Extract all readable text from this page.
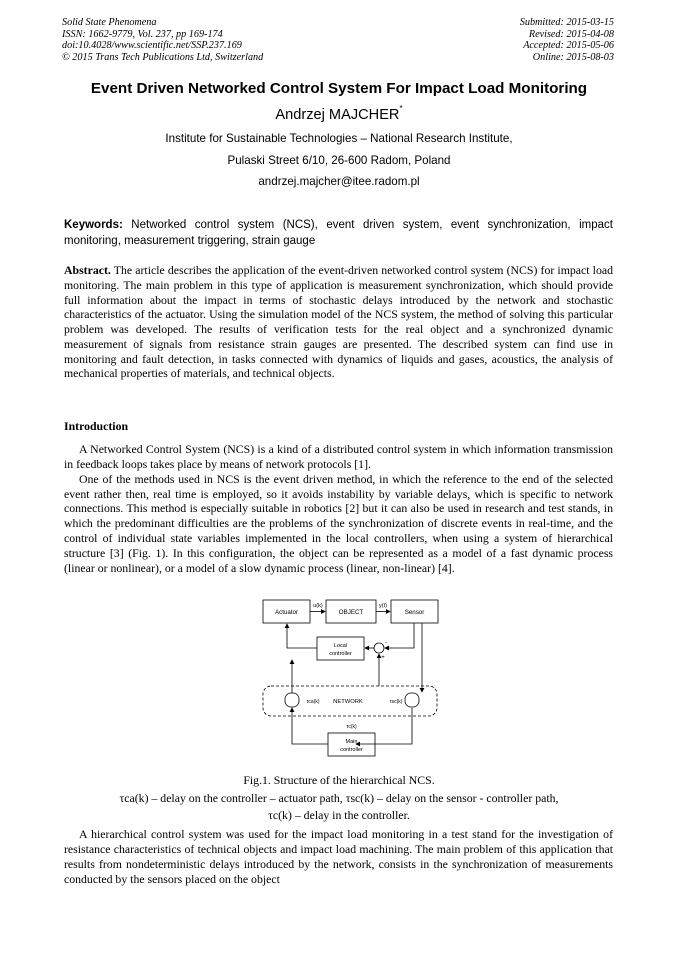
Solid State Phenomena
ISSN: 1662-9779, Vol. 237, pp 169-174
doi:10.4028/www.scientific.net/SSP.237.169
© 2015 Trans Tech Publications Ltd, Switzerland
Submitted: 2015-03-15
Revised: 2015-04-08
Accepted: 2015-05-06
Online: 2015-08-03
Event Driven Networked Control System For Impact Load Monitoring
Andrzej MAJCHER*
Institute for Sustainable Technologies – National Research Institute,
Pulaski Street 6/10, 26-600 Radom, Poland
andrzej.majcher@itee.radom.pl
Keywords: Networked control system (NCS), event driven system, event synchronization, impact monitoring, measurement triggering, strain gauge
Abstract. The article describes the application of the event-driven networked control system (NCS) for impact load monitoring. The main problem in this type of application is measurement synchronization, which should provide full information about the impact in terms of stochastic delays introduced by the network and stochastic characteristics of the actuator. Using the simulation model of the NCS system, the method of solving this particular problem was developed. The results of verification tests for the real object and a synchronized dynamic measurement of signals from resistance strain gauges are presented. The described system can find use in monitoring and fault detection, in tasks connected with dynamics of liquids and gases, acoustics, the analysis of mechanical properties of materials, and technical objects.
Introduction

A Networked Control System (NCS) is a kind of a distributed control system in which information transmission in feedback loops takes place by means of network protocols [1].

One of the methods used in NCS is the event driven method, in which the reference to the end of the selected event rather then, real time is employed, so it avoids instability by variable delays, which is specific to network connections. This method is especially suitable in robotics [2] but it can also be used in research and test stands, in which the predominant difficulties are the problems of the synchronization of discrete events in real-time, and the control of individual state variables implemented in the local controllers, when using a system of hierarchical structure [3] (Fig. 1). In this configuration, the object can be represented as a model of a fast dynamic process (linear or nonlinear), or a model of a slow dynamic process (linear, non-linear) [4].

Actuator	OBJECT	Sensor
u(k)	y(t)
Local
controller
-
+
NETWORK
τca(k)	τsc(k)
τc(k)
Main
controller
Fig.1. Structure of the hierarchical NCS.
τca(k) – delay on the controller – actuator path, τsc(k) – delay on the sensor - controller path,
τc(k) – delay in the controller.

A hierarchical control system was used for the impact load monitoring in a test stand for the investigation of resistance characteristics of technical objects and impact load machining. The main problem of this application that results from nondeterministic delays introduced by the network, consists in the synchronization of measurements conducted by the sensors placed on the object
